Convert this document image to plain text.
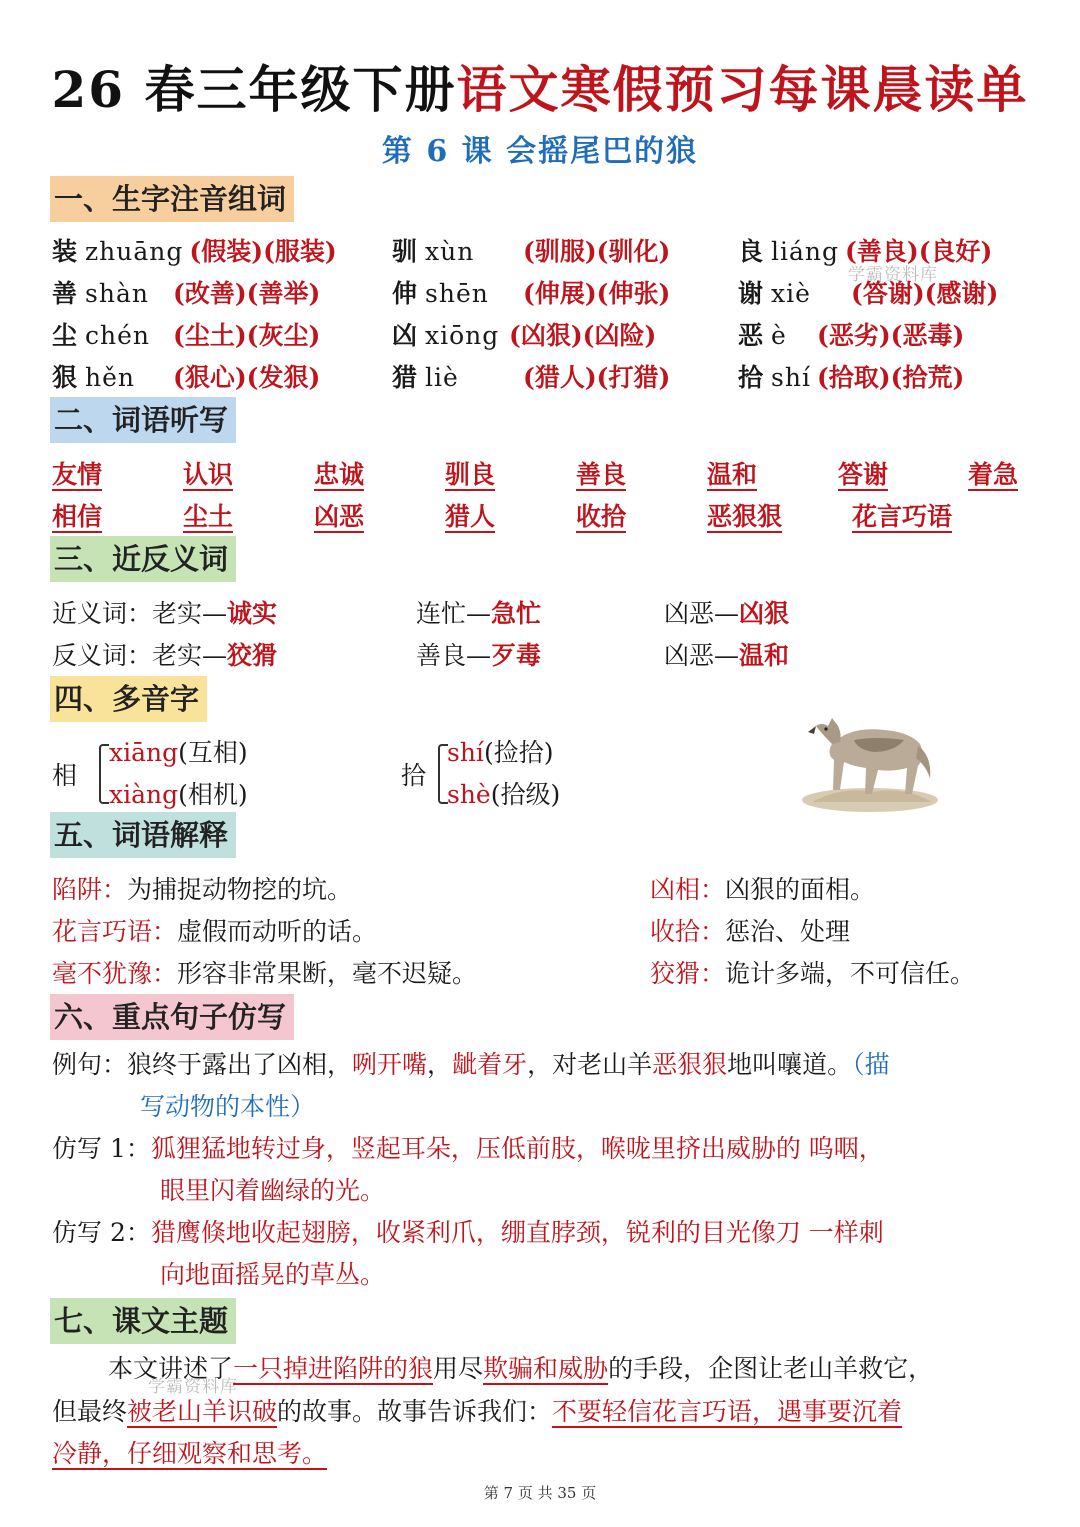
26 春三年级下册语文寒假预习每课晨读单
第 6 课 会摇尾巴的狼
一、生字注音组词
装 zhuāng (假装)(服装) 驯 xùn (驯服)(驯化)	良 liáng (善良)(良好)
善 shàn (改善)(善举)	伸 shēn (伸展)(伸张)	谢 xiè (答谢)(感谢)
尘 chén (尘土)(灰尘)	凶 xiōng (凶狠)(凶险)	恶 è (恶劣)(恶毒)
狠 hěn (狠心)(发狠)	猎 liè	(猎人)(打猎)	拾 shí (拾取)(拾荒)
学霸资料库
二、词语听写
友情	认识	忠诚	驯良	善良	温和	答谢	着急
相信	尘土	凶恶	猎人	收拾	恶狠狠	花言巧语
三、近反义词
近义词：老实—诚实	连忙—急忙	凶恶—凶狠
反义词：老实—狡猾	善良—歹毒	凶恶—温和
四、多音字
相
xiāng(互相)
xiàng(相机)
拾
shí(捡拾)
shè(拾级)
五、词语解释
陷阱：为捕捉动物挖的坑。	凶相：凶狠的面相。
花言巧语：虚假而动听的话。	收拾：惩治、处理
毫不犹豫：形容非常果断，毫不迟疑。	狡猾：诡计多端，不可信任。
六、重点句子仿写
例句：狼终于露出了凶相，咧开嘴，龇着牙，对老山羊恶狠狠地叫嚷道。（描
写动物的本性）
仿写 1：狐狸猛地转过身，竖起耳朵，压低前肢，喉咙里挤出威胁的 呜咽，
眼里闪着幽绿的光。
仿写 2：猎鹰倏地收起翅膀，收紧利爪，绷直脖颈，锐利的目光像刀 一样刺
向地面摇晃的草丛。
七、课文主题
本文讲述了一只掉进陷阱的狼用尽欺骗和威胁的手段，企图让老山羊救它，
但最终被老山羊识破的故事。故事告诉我们：不要轻信花言巧语，遇事要沉着
冷静，仔细观察和思考。
学霸资料库
第 7 页 共 35 页
